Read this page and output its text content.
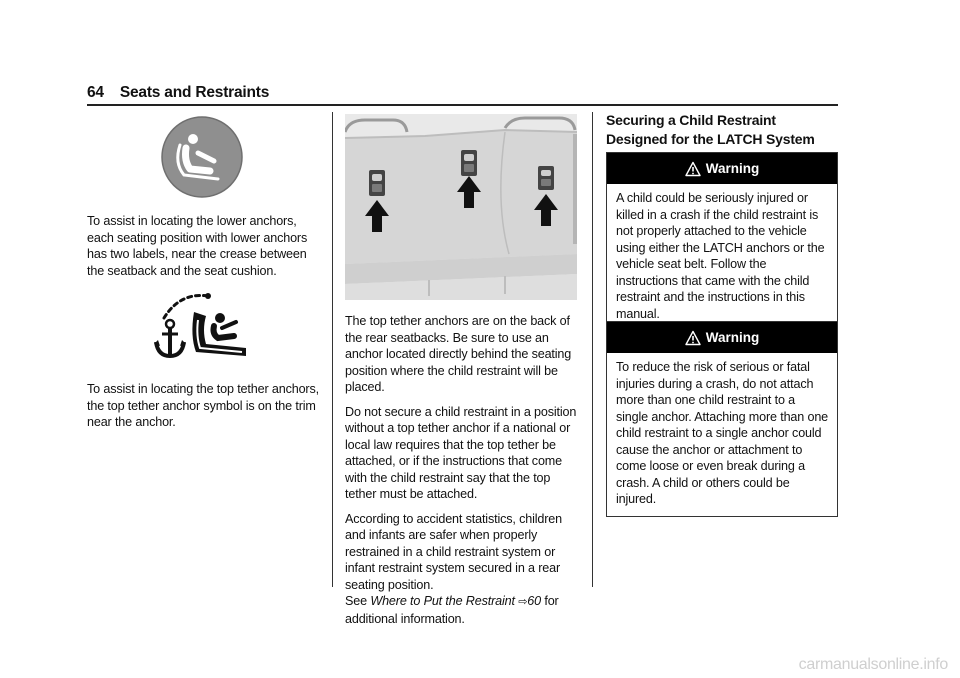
64 Seats and Restraints

To assist in locating the lower anchors, each seating position with lower anchors has two labels, near the crease between the seatback and the seat cushion.

To assist in locating the top tether anchors, the top tether anchor symbol is on the trim near the anchor.

The top tether anchors are on the back of the rear seatbacks. Be sure to use an anchor located directly behind the seating position where the child restraint will be placed.

Do not secure a child restraint in a position without a top tether anchor if a national or local law requires that the top tether be attached, or if the instructions that come with the child restraint say that the top tether must be attached.

According to accident statistics, children and infants are safer when properly restrained in a child restraint system or infant restraint system secured in a rear seating position.
See Where to Put the Restraint ⇨60 for additional information.

Securing a Child Restraint Designed for the LATCH System
Warning
A child could be seriously injured or killed in a crash if the child restraint is not properly attached to the vehicle using either the LATCH anchors or the vehicle seat belt. Follow the instructions that came with the child restraint and the instructions in this manual.
Warning
To reduce the risk of serious or fatal injuries during a crash, do not attach more than one child restraint to a single anchor. Attaching more than one child restraint to a single anchor could cause the anchor or attachment to come loose or even break during a crash. A child or others could be injured.
carmanualsonline.info
